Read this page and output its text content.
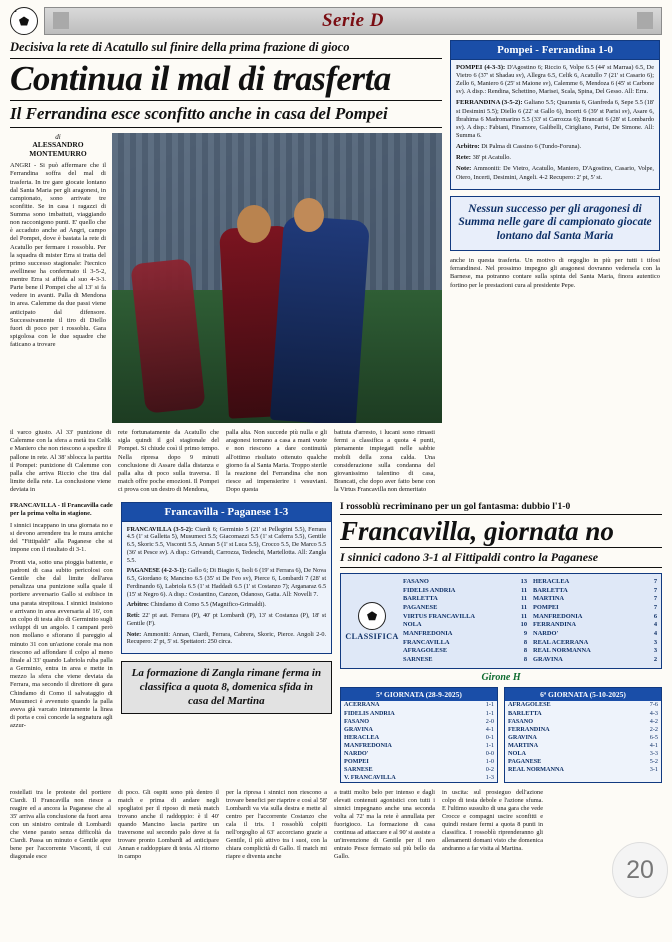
Serie D
Decisiva la rete di Acatullo sul finire della prima frazione di gioco
Continua il mal di trasferta
Il Ferrandina esce sconfitto anche in casa del Pompei
di
ALESSANDRO MONTEMURRO
ANGRI - Si può affermare che il Ferrandina soffra del mal di trasferta. In tre gare giocate lontano dal Santa Maria per gli aragonesi, in campionato, sono arrivate tre sconfitte. Se in casa i ragazzi di Summa sono imbattuti, viaggiando non racconigono punti. E' quello che è accaduto anche ad Angri, campo del Pompei, dove è bastata la rete di Acatullo per fermare i rossoblu. Per la squadra di mister Erra si tratta del primo successo stagionale: l'tecnico avellinese ha confermato il 3-5-2, mentre Erra si affida al suo 4-3-3. Parte bene il Pompei che al 13' si fa vedere in avanti. Palla di Mendona in area. Calemme da due passi viene anticipato dal difensore. Successivamente il tiro di Diello fuori di poco per i rossoblu. Gara spigolosa con le due squadre che faticano a trovare
il varco giusto. Al 33' punizione di Calemme con la sfera a metà tra Celik e Maniero che non riescono a spedire il pallone in rete. Al 38' sblocca la partita il Pompei: punizione di Calemme con palla che arriva Riccio che tira dal limite della rete. La conclusione viene deviata in
rete fortunatamente da Acatullo che sigla quindi il gol stagionale del Pompei. Si chiude così il primo tempo. Nella ripresa dopo 9 minuti conclusione di Assare dalla distanza e palla alta di poco sulla traversa. Il match offre poche emozioni. Il Pompei ci prova con un destro di Mendona,
palla alta. Non succede più nulla e gli aragonesi tornano a casa a mani vuote e non riescono a dare continuità all'ottimo risultato ottenuto qualche giorno fa al Santa Maria. Troppo sterile la reazione del Ferrandina che non riesce ad impensierire i vesuviani. Dopo questa
battuta d'arresto, i lucani sono rimasti fermi a classifica a quota 4 punti, pienamente impiegati nelle sabbie mobili della zona calda. Una considerazione sulla condanna del giovanissimo talentino di casa, Brancati, che dopo aver fatto bene con la Virtus Francavilla non demeritato
Pompei - Ferrandina 1-0

POMPEI (4-3-3): D'Agostino 6; Riccio 6, Volpe 6.5 (44' st Marraa) 6.5, De Vietro 6 (37' st Shadau sv), Allegra 6.5, Celik 6, Acatullo 7 (21' st Casario 6); Zello 6, Maniero 6 (25' st Maione sv), Calemme 6, Mendoza 6 (45' st Carbone sv). A disp.: Rendina, Schettino, Marisei, Scala, Spina, Del Gesso. All: Erra.

FERRANDINA (3-5-2): Galiano 5.5; Quaranta 6, Gianfreda 6, Sepe 5.5 (18' st Desimini 5.5); Diello 6 (22' st Gallo 6), Incerti 6 (39' st Parisi sv), Asare 6, Ibrahima 6 Madromarino 5.5 (33' st Carrozza 6); Brancati 6 (28' st Lombardo sv). A disp.: Fabiani, Finamore, Galibelli, Cirigliano, Parisi, De Simone. All: Summa 6.

Arbitro: Di Palma di Cassino 6 (Tundo-Foruna).

Rete: 38' pt Acatullo.

Note: Ammoniti: De Vietro, Acatullo, Maniero, D'Agostino, Casario, Volpe, Otero, Incerti, Desimini, Angeli. 4-2 Recupero: 2' pt, 5' st.

Nessun successo per gli aragonesi di Summa nelle gare di campionato giocate lontano dal Santa Maria
anche in questa trasferta. Un motivo di orgoglio in più per tutti i tifosi ferrandinesi. Nel prossimo impegno gli aragonesi dovranno vedersela con la Barnese, ma potranno contare sulla spinta del Santa Maria, finora autentico fortino per le prestazioni cura al presidente Pepe.
FRANCAVILLA - Il Francavilla cade per la prima volta in stagione.
I sinnici incappano in una giornata no e si devono arrendere tra le mura amiche del "Fittipaldi" alla Paganese che si impone con il risultato di 3-1.
Pronti via, sotto una pioggia battente, e padroni di casa subito pericolosi con Gentile che dal limite dell'area penalizza una punizione sulla quale il portiere avversario Gallo si esibisce in una parata strepitosa. I sinnici insistono e arrivano in area avversaria al 16', con un colpo di testa alto di Germinito sugli sviluppi di un angolo. I campani però non mollano e sfiorano il pareggio al minuto 31 con un'azione corale ma non riescono ad affondare il colpo al meno finale al 33' quando Labriola ruba palla a Germinio, entra in area e mette in mezzo la sfera che viene deviata da Ferrara, ma secondo il direttore di gara Chindamo di Como il salvataggio di Musumeci è avvenuto quando la palla aveva già varcato interamente la linea di porta e così concede la segnatura agli azzur-
Francavilla - Paganese 1-3

FRANCAVILLA (3-5-2): Ciardi 6; Germinio 5 (21' st Pellegrini 5.5), Ferrara 4.5 (1' st Galletta 5), Musumeci 5.5; Giacomazzi 5.5 (1' st Caferra 5.5), Gentile 6.5, Skoric 5.5, Visconti 5.5, Annan 5 (1' st Luca 5.5), Crocco 5.5, De Marco 5.5 (36' st Pesce sv). A disp.: Grivandi, Carrozza, Tedeschi, Martellotta. All: Zangla 5.5.

PAGANESE (4-2-3-1): Gallo 6; Di Biagio 6, Isoli 6 (19' st Ferrara 6), De Nova 6.5, Giordano 6; Mancino 6.5 (35' st De Feo sv), Pierce 6, Lombardi 7 (28' st Ferdinando 6), Labriola 6.5 (1' st Haddadi 6.5 (1' st Costanzo 7); Arganaraz 6.5 (15' st Negro 6). A disp.: Costantino, Canzon, Odanoso, Gatta. All: Novelli 7.

Arbitro: Chindamo di Como 5.5 (Magnifico-Grimaldi).

Reti: 22' pt aut. Ferrara (P), 40' pt Lombardi (P), 13' st Costanza (P), 18' st Gentile (F).

Note: Ammoniti: Annan, Ciardi, Ferrara, Cabrera, Skoric, Pierce. Angoli 2-0. Recupero: 2' pt, 5' st. Spettatori: 250 circa.

La formazione di Zangla rimane ferma in classifica a quota 8, domenica sfida in casa del Martina
I rossoblù recriminano per un gol fantasma: dubbio l'1-0
Francavilla, giornata no
I sinnici cadono 3-1 al Fittipaldi contro la Paganese
CLASSIFICA
FASANO	13
FIDELIS ANDRIA	11
BARLETTA	11
PAGANESE	11
VIRTUS FRANCAVILLA	11
NOLA	10
MANFREDONIA	9
FRANCAVILLA	8
AFRAGOLESE	8
SARNESE	8
HERACLEA	7
BARLETTA	7
MARTINA	7
POMPEI	7
MANFREDONIA	6
FERRANDINA	4
NARDO'	4
REAL ACERRANA	3
REAL NORMANNA	3
GRAVINA	2
Girone H
5ª GIORNATA (28-9-2025)
ACERRANA	1-1
FIDELIS ANDRIA	1-1
FASANO	2-0
GRAVINA	4-1
HERACLEA	0-1
MANFREDONIA	1-1
NARDO'	0-0
POMPEI	1-0
SARNESE	0-2
V. FRANCAVILLA	1-3
6ª GIORNATA (5-10-2025)
AFRAGOLESE	7-6
BARLETTA	4-3
FASANO	4-2
FERRANDINA	2-2
GRAVINA	6-5
MARTINA	4-1
NOLA	3-3
PAGANESE	5-2
REAL NORMANNA	3-1
rostellati tra le proteste del portiere Ciardi. Il Francavilla non riesce a reagire ed a ancora la Paganese che al 35' arriva alla conclusione da fuori area con un sinistro centrale di Lombardi che viene parato senza difficoltà da Ciardi. Passa un minuto e Gentile apre bene per l'accorrente Visconti, il cui diagonale esce
di poco. Gli ospiti sono più dentro il match e prima di andare negli spogliatoi per il riposo di metà match trovano anche il raddoppio: è il 40' quando Mancino lascia partire un traversone sul secondo palo dove si fa trovare pronto Lombardi ad anticipare Annan e raddoppiare di testa. Al ritorno in campo
per la ripresa i sinnici non riescono a trovare benefici per riaprire e così al 58' Lombardi va via sulla destra e mette al centro per l'accorrente Costanzo che cala il tris. I rossoblù colpiti nell'orgoglio al 63' accorciano grazie a Gentile, il più attivo tra i suoi, con la chiara complicità di Gallo. Il match mi riapre e diventa anche
a tratti molto belo per intenso e dagli elevati contenuti agonistici con tutti i sinnici impegnano anche una seconda volta al 72' ma la rete è annullata per fuorigioco. La formazione di casa continua ad attaccare e al 90' si assiste a un'invenzione di Gentile per il neo entrato Pesce fermato sul più bello da Gallo.
in uscita: sul prosieguo dell'azione colpo di testa debole e l'azione sfuma. E l'ultimo sussulto di una gara che vede Crocce e compagni uscire sconfitti e quindi restare fermi a quota 8 punti in classifica. I rossoblù riprenderanno gli allenamenti domani visto che domenica andranno a far visita al Martina.
20
